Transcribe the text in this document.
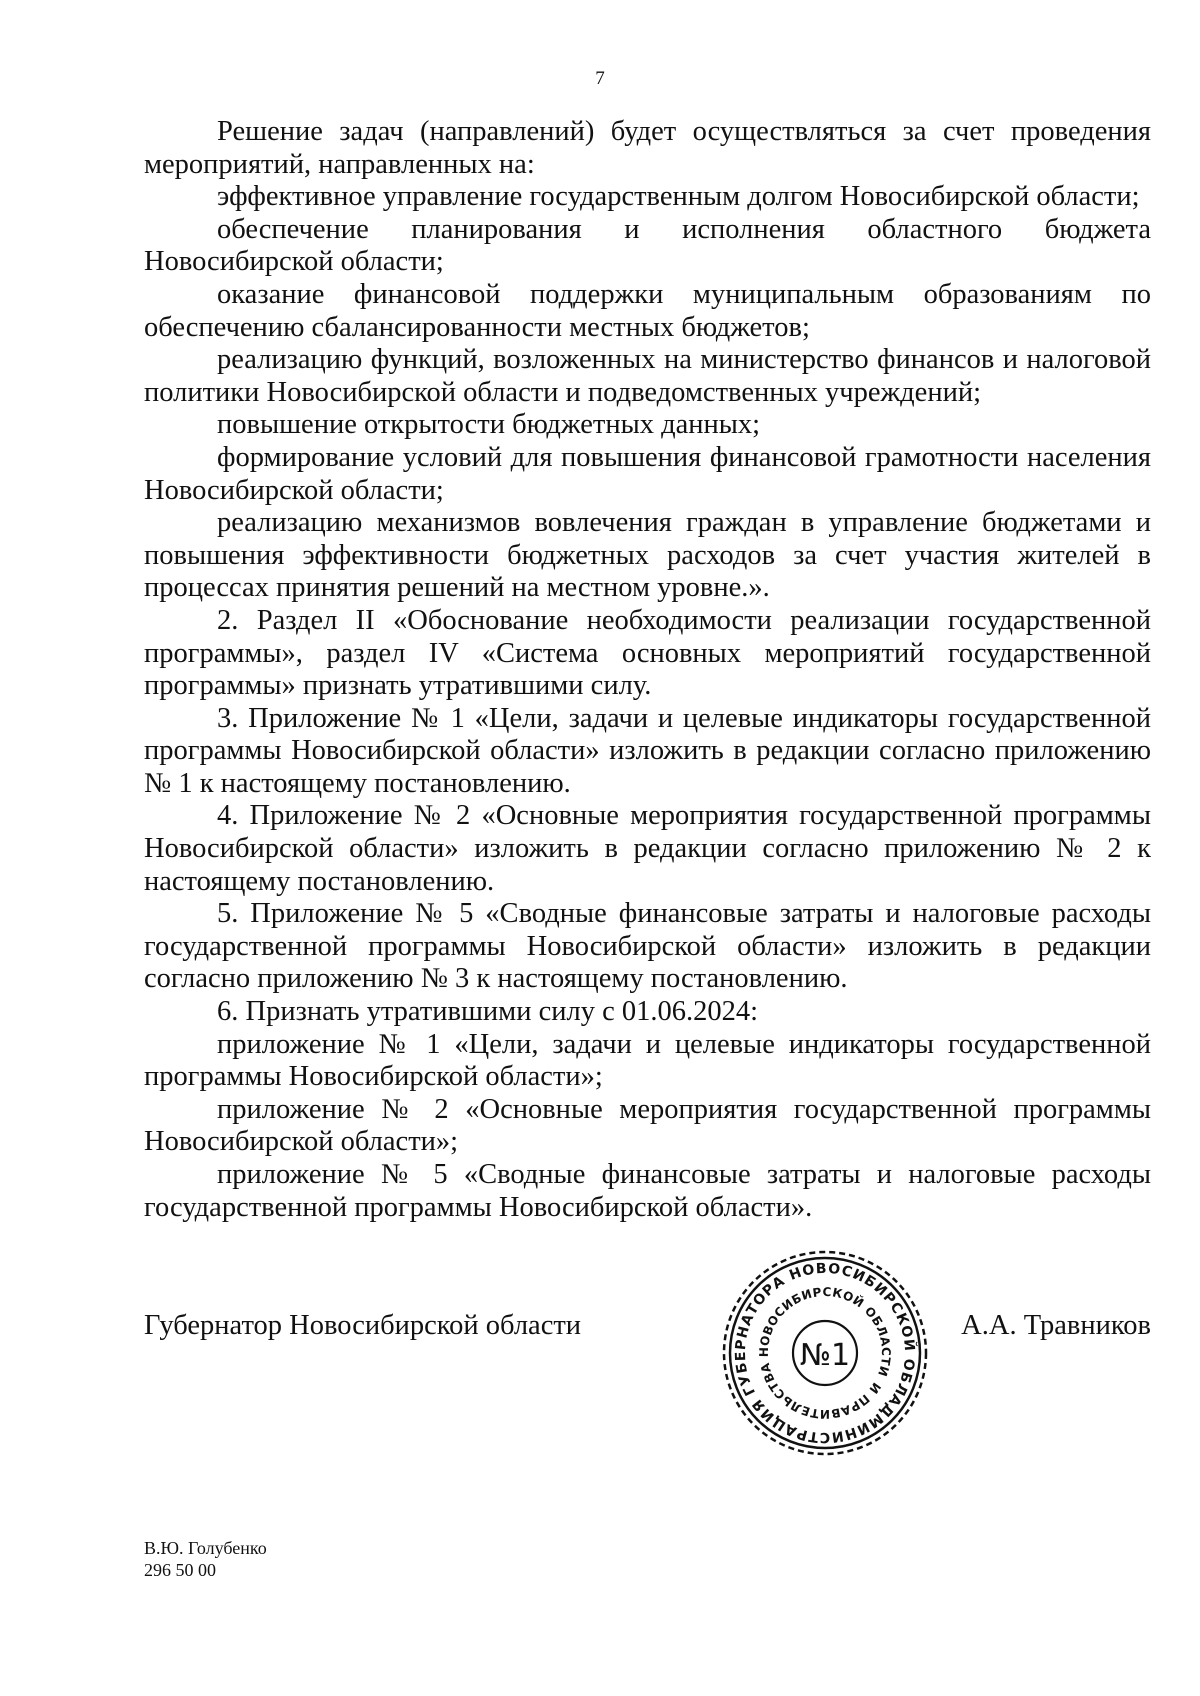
7

Решение задач (направлений) будет осуществляться за счет проведения мероприятий, направленных на:

эффективное управление государственным долгом Новосибирской области;

обеспечение планирования и исполнения областного бюджета Новосибирской области;

оказание финансовой поддержки муниципальным образованиям по обеспечению сбалансированности местных бюджетов;

реализацию функций, возложенных на министерство финансов и налоговой политики Новосибирской области и подведомственных учреждений;

повышение открытости бюджетных данных;

формирование условий для повышения финансовой грамотности населения Новосибирской области;

реализацию механизмов вовлечения граждан в управление бюджетами и повышения эффективности бюджетных расходов за счет участия жителей в процессах принятия решений на местном уровне.».

2. Раздел II «Обоснование необходимости реализации государственной программы», раздел IV «Система основных мероприятий государственной программы» признать утратившими силу.

3. Приложение № 1 «Цели, задачи и целевые индикаторы государственной программы Новосибирской области» изложить в редакции согласно приложению № 1 к настоящему постановлению.

4. Приложение № 2 «Основные мероприятия государственной программы Новосибирской области» изложить в редакции согласно приложению № 2 к настоящему постановлению.

5. Приложение № 5 «Сводные финансовые затраты и налоговые расходы государственной программы Новосибирской области» изложить в редакции согласно приложению № 3 к настоящему постановлению.

6. Признать утратившими силу с 01.06.2024:

приложение № 1 «Цели, задачи и целевые индикаторы государственной программы Новосибирской области»;

приложение № 2 «Основные мероприятия государственной программы Новосибирской области»;

приложение № 5 «Сводные финансовые затраты и налоговые расходы государственной программы Новосибирской области».

Губернатор Новосибирской области	А.А. Травников
АДМИНИСТРАЦИЯ ГУБЕРНАТОРА НОВОСИБИРСКОЙ ОБЛ
И ПРАВИТЕЛЬСТВА НОВОСИБИРСКОЙ ОБЛАСТИ
№1
В.Ю. Голубенко
296 50 00
